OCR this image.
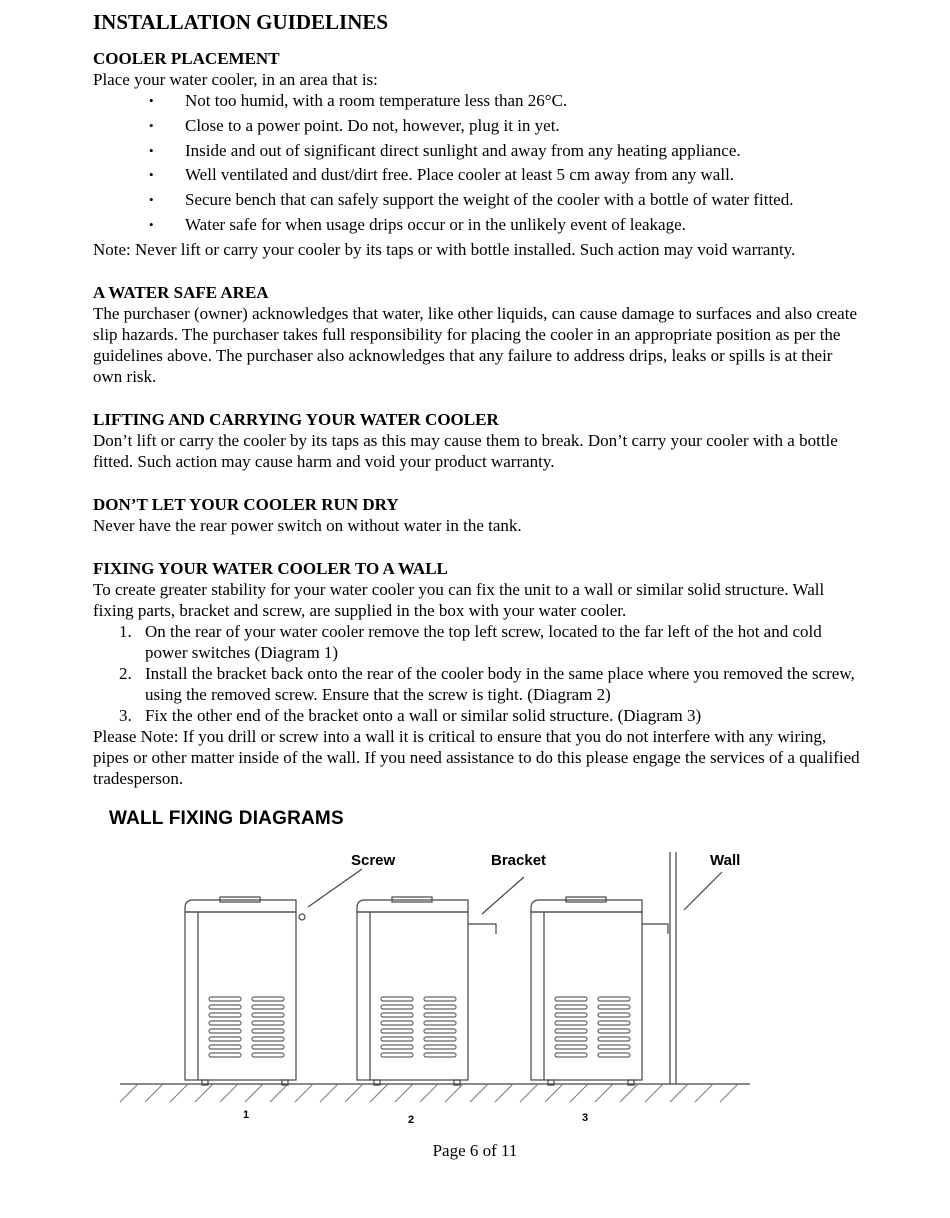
INSTALLATION GUIDELINES
COOLER PLACEMENT

Place your water cooler, in an area that is:

• Not too humid, with a room temperature less than 26°C.
• Close to a power point. Do not, however, plug it in yet.
• Inside and out of significant direct sunlight and away from any heating appliance.
• Well ventilated and dust/dirt free. Place cooler at least 5 cm away from any wall.
• Secure bench that can safely support the weight of the cooler with a bottle of water fitted.
• Water safe for when usage drips occur or in the unlikely event of leakage.

Note: Never lift or carry your cooler by its taps or with bottle installed. Such action may void warranty.

A WATER SAFE AREA

The purchaser (owner) acknowledges that water, like other liquids, can cause damage to surfaces and also create slip hazards. The purchaser takes full responsibility for placing the cooler in an appropriate position as per the guidelines above. The purchaser also acknowledges that any failure to address drips, leaks or spills is at their own risk.

LIFTING AND CARRYING YOUR WATER COOLER

Don’t lift or carry the cooler by its taps as this may cause them to break. Don’t carry your cooler with a bottle fitted. Such action may cause harm and void your product warranty.

DON’T LET YOUR COOLER RUN DRY

Never have the rear power switch on without water in the tank.

FIXING YOUR WATER COOLER TO A WALL

To create greater stability for your water cooler you can fix the unit to a wall or similar solid structure. Wall fixing parts, bracket and screw, are supplied in the box with your water cooler.

1. On the rear of your water cooler remove the top left screw, located to the far left of the hot and cold power switches (Diagram 1)
2. Install the bracket back onto the rear of the cooler body in the same place where you removed the screw, using the removed screw. Ensure that the screw is tight. (Diagram 2)
3. Fix the other end of the bracket onto a wall or similar solid structure. (Diagram 3)

Please Note: If you drill or screw into a wall it is critical to ensure that you do not interfere with any wiring, pipes or other matter inside of the wall. If you need assistance to do this please engage the services of a qualified tradesperson.

WALL FIXING DIAGRAMS
Screw	Bracket	Wall
1	2	3
Page 6 of 11
